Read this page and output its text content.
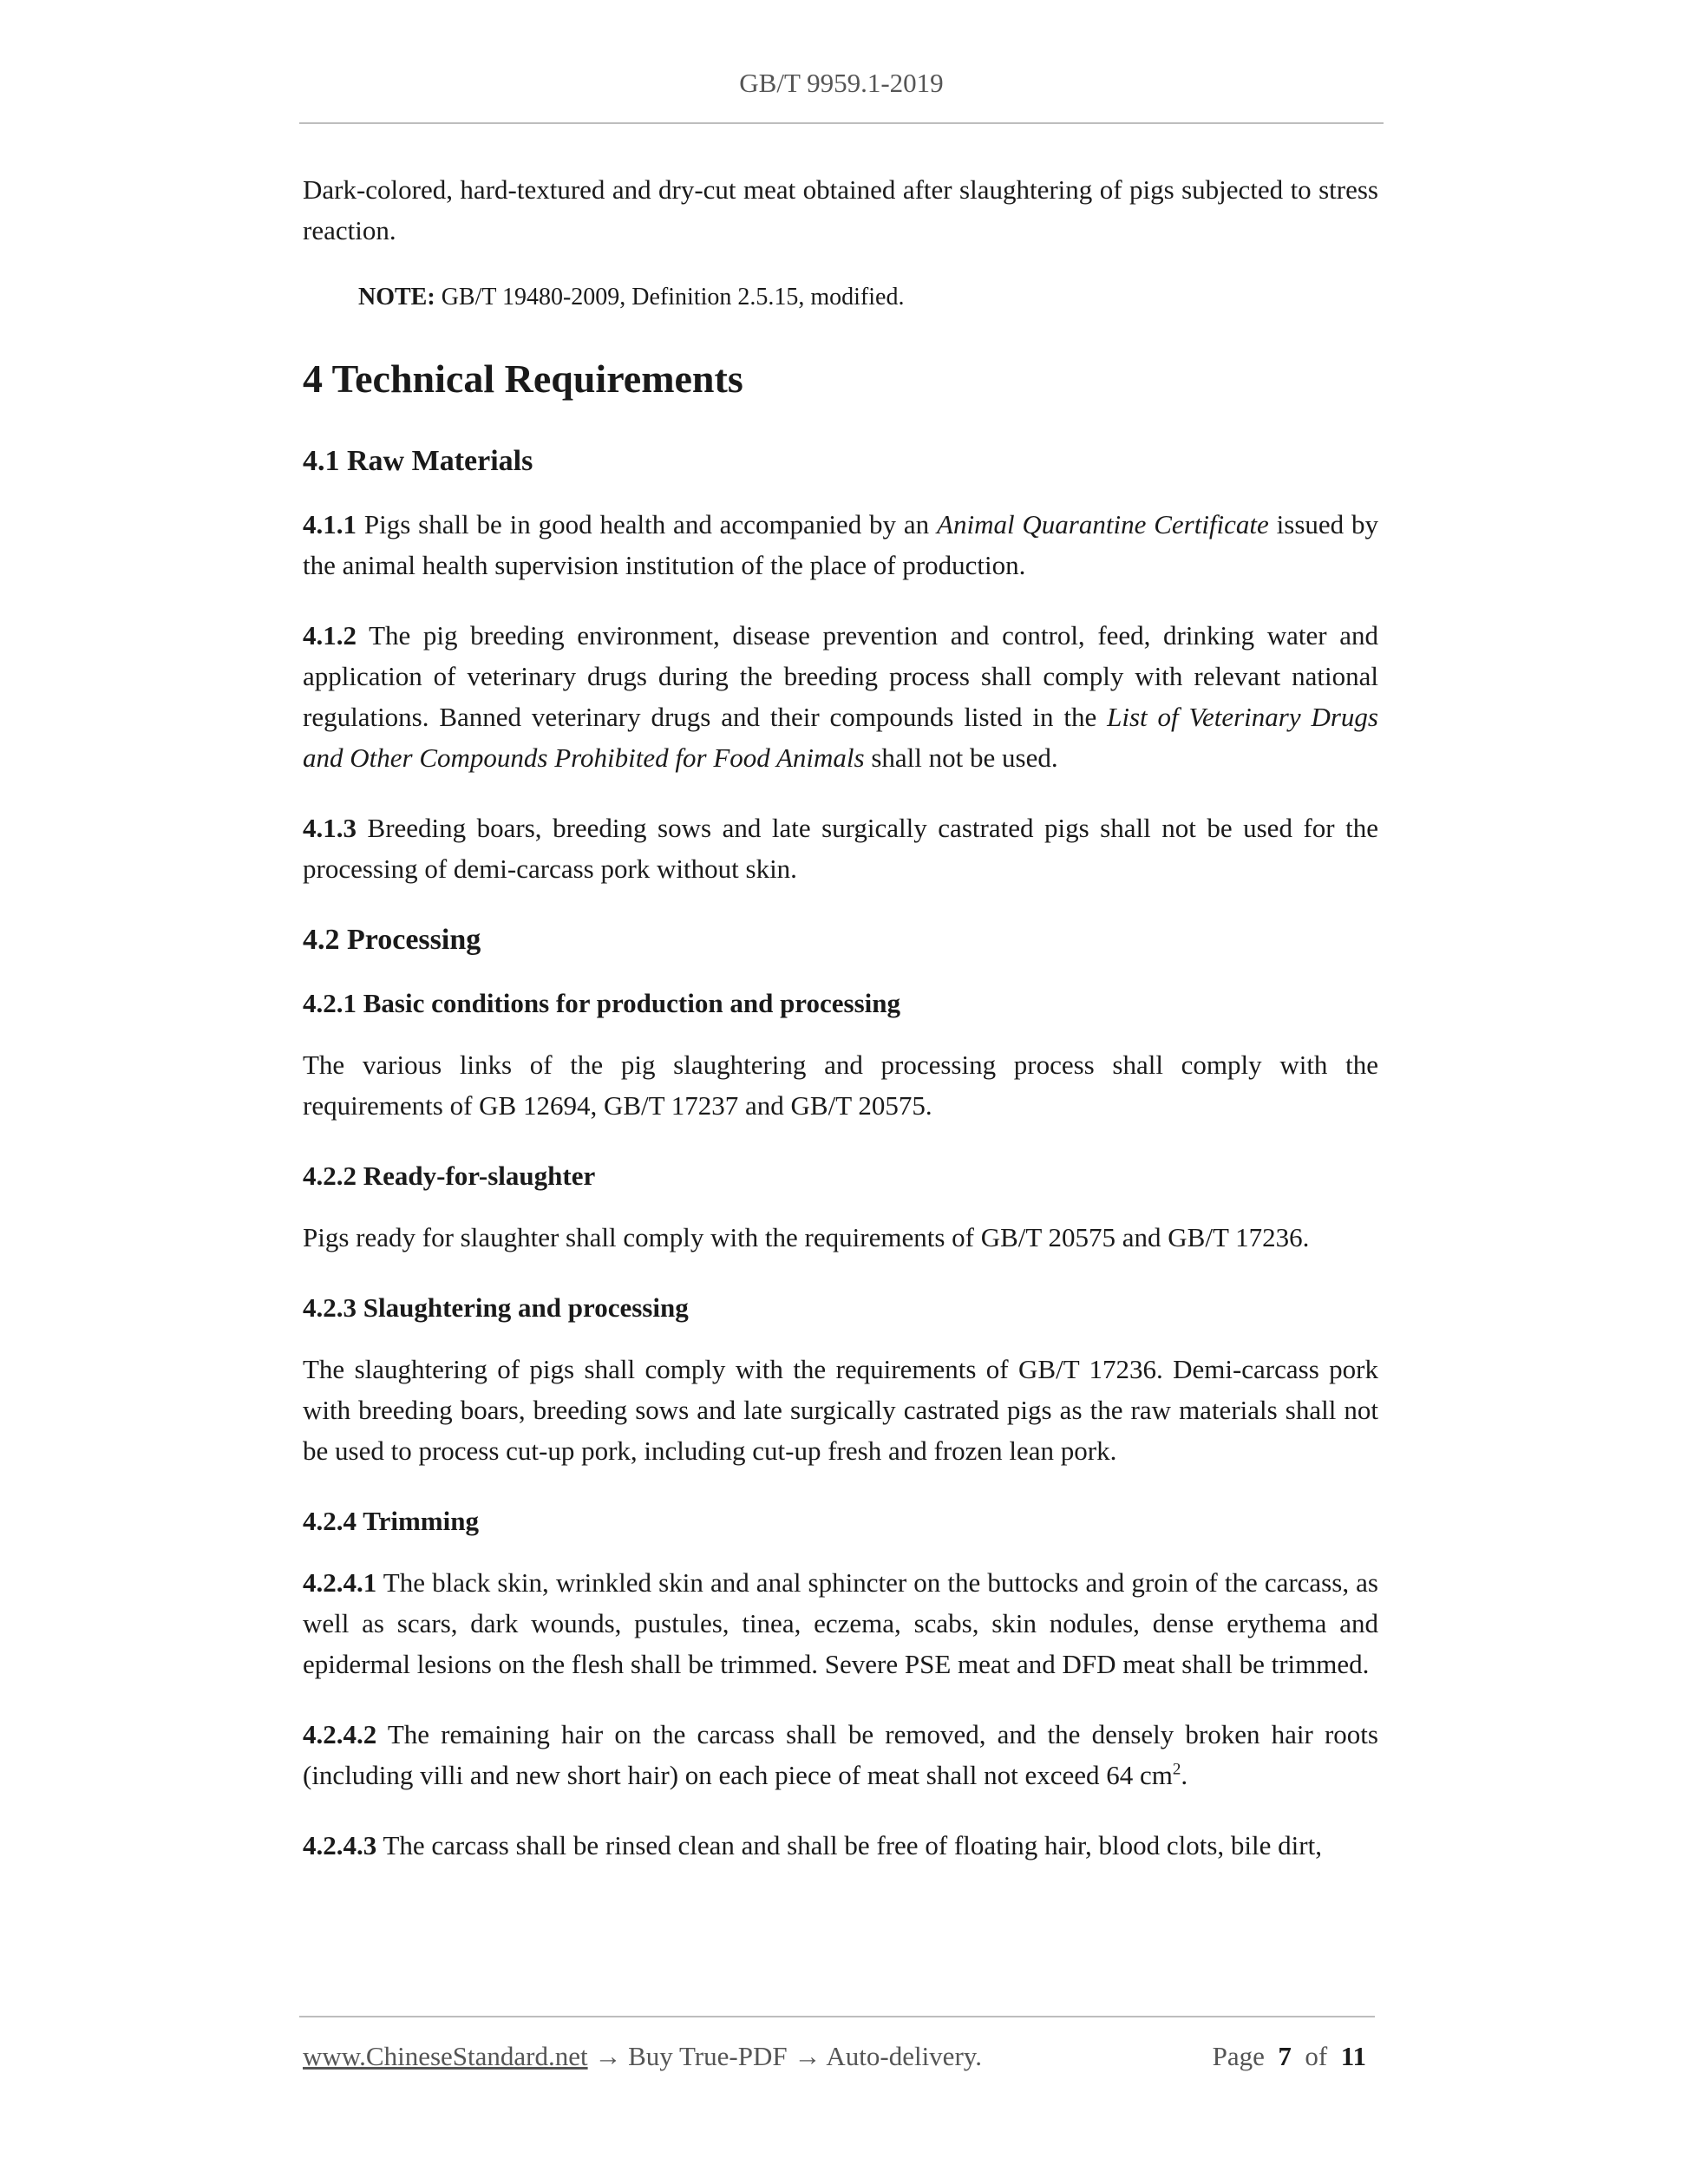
GB/T 9959.1-2019

Dark-colored, hard-textured and dry-cut meat obtained after slaughtering of pigs subjected to stress reaction.

NOTE: GB/T 19480-2009, Definition 2.5.15, modified.

4 Technical Requirements
4.1 Raw Materials

4.1.1 Pigs shall be in good health and accompanied by an Animal Quarantine Certificate issued by the animal health supervision institution of the place of production.

4.1.2 The pig breeding environment, disease prevention and control, feed, drinking water and application of veterinary drugs during the breeding process shall comply with relevant national regulations. Banned veterinary drugs and their compounds listed in the List of Veterinary Drugs and Other Compounds Prohibited for Food Animals shall not be used.

4.1.3 Breeding boars, breeding sows and late surgically castrated pigs shall not be used for the processing of demi-carcass pork without skin.

4.2 Processing
4.2.1 Basic conditions for production and processing

The various links of the pig slaughtering and processing process shall comply with the requirements of GB 12694, GB/T 17237 and GB/T 20575.

4.2.2 Ready-for-slaughter

Pigs ready for slaughter shall comply with the requirements of GB/T 20575 and GB/T 17236.

4.2.3 Slaughtering and processing

The slaughtering of pigs shall comply with the requirements of GB/T 17236. Demi-carcass pork with breeding boars, breeding sows and late surgically castrated pigs as the raw materials shall not be used to process cut-up pork, including cut-up fresh and frozen lean pork.

4.2.4 Trimming

4.2.4.1 The black skin, wrinkled skin and anal sphincter on the buttocks and groin of the carcass, as well as scars, dark wounds, pustules, tinea, eczema, scabs, skin nodules, dense erythema and epidermal lesions on the flesh shall be trimmed. Severe PSE meat and DFD meat shall be trimmed.

4.2.4.2 The remaining hair on the carcass shall be removed, and the densely broken hair roots (including villi and new short hair) on each piece of meat shall not exceed 64 $cm^2$.

4.2.4.3 The carcass shall be rinsed clean and shall be free of floating hair, blood clots, bile dirt,

www.ChineseStandard.net → Buy True-PDF → Auto-delivery.	Page 7 of 11
